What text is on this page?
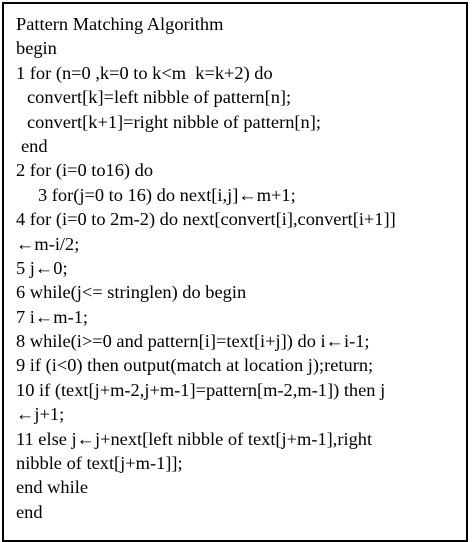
Pattern Matching Algorithm
begin
1 for (n=0 ,k=0 to k<m  k=k+2) do
convert[k]=left nibble of pattern[n];
convert[k+1]=right nibble of pattern[n];
end
2 for (i=0 to16) do
3 for(j=0 to 16) do next[i,j]←m+1;
4 for (i=0 to 2m-2) do next[convert[i],convert[i+1]]
←m-i/2;
5 j←0;
6 while(j<= stringlen) do begin
7 i←m-1;
8 while(i>=0 and pattern[i]=text[i+j]) do i←i-1;
9 if (i<0) then output(match at location j);return;
10 if (text[j+m-2,j+m-1]=pattern[m-2,m-1]) then j
←j+1;
11 else j←j+next[left nibble of text[j+m-1],right
nibble of text[j+m-1]];
end while
end
